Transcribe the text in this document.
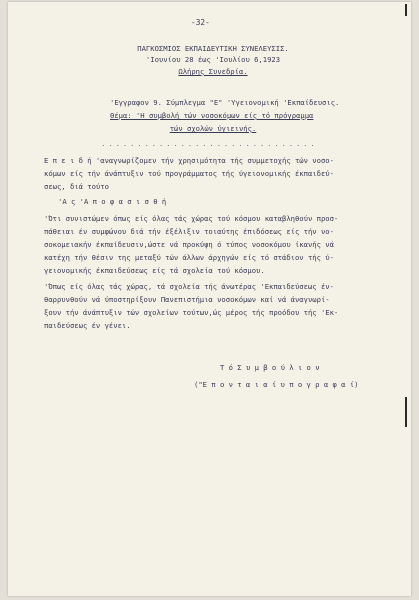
-32-
ΠΑΓΚΟΣΜΙΟΣ ΕΚΠΑΙΔΕΥΤΙΚΗ ΣΥΝΕΛΕΥΣΙΣ.
'Ιουνίου 28 έως 'Ιουλίου 6,1923
Ωλήρης Συνεδρία.
'Εγγραφον 9. Σύμπλεγμα "Ε" 'Υγειονομική 'Εκπαίδευσις.
Θέμα: 'Η συμβολή τών νοσοκόμων είς τό πρόγραμμα
τών σχολών ύγιεινής.
..............................
Ε π ε ι δ ή 'αναγνωρίζομεν τήν χρησιμότητα τής συμμετοχής τών νοσο-
κόμων είς τήν άνάπτυξιν τού προγράμματος τής ύγειονομικής έκπαιδεύ-
σεως, διά τούτο
'Α ς 'Α π ο φ α σ ι σ θ ή
'Ότι συνιστώμεν όπως είς όλας τάς χώρας τού κόσμου καταβληθούν προσ-
πάθειαι έν συμφώνου διά τήν έξέλιξιν τοιαύτης έπιδόσεως είς τήν νο-
σοκομειακήν έκπαίδευσιν,ώστε νά προκύψη ό τύπος νοσοκόμου ίκανής νά
κατέχη τήν θέσιν της μεταξύ τών άλλων άρχηγών είς τό στάδιον τής ύ-
γειονομικής έκπαιδεύσεως είς τά σχολεία τού κόσμου.
'Όπως είς όλας τάς χώρας, τά σχολεία τής άνωτέρας 'Εκπαιδεύσεως έν-
θαρρυνθούν νά ύποστηρίξουν Πανεπιστήμια νοσοκόμων καί νά άναγνωρί-
ξουν τήν άνάπτυξιν τών σχολείων τούτων,ώς μέρος τής προόδου τής 'Εκ-
παιδεύσεως έν γένει.
Τ ό Σ υ μ β ο ύ λ ι ο ν
("Ε π ο ν τ α ι α ί υ π ο γ ρ α φ α ί)
